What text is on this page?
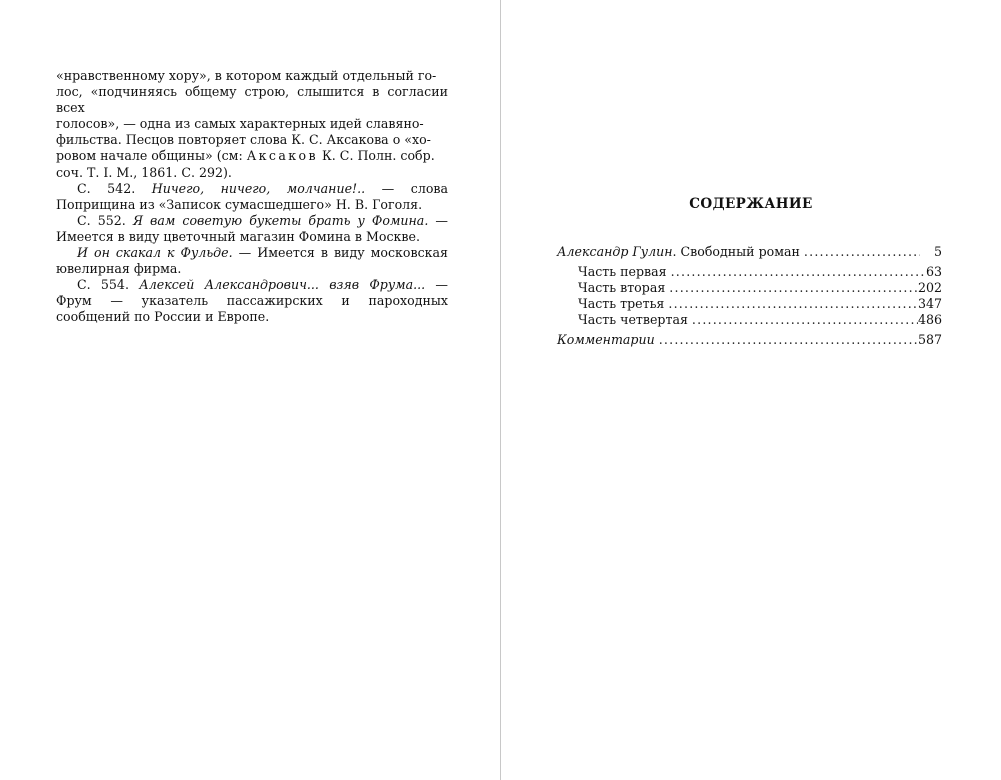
«нравственному хору», в котором каждый отдельный го-
лос, «подчиняясь общему строю, слышится в согласии всех
голосов», — одна из самых характерных идей славяно-
фильства. Песцов повторяет слова К. С. Аксакова о «хо-
ровом начале общины» (см: Аксаков К. С. Полн. собр.
соч. Т. I. М., 1861. С. 292).

С. 542. Ничего, ничего, молчание!.. — слова Поприщина из «Записок сумасшедшего» Н. В. Гоголя.

С. 552. Я вам советую букеты брать у Фомина. — Имеется в виду цветочный магазин Фомина в Москве.

И он скакал к Фульде. — Имеется в виду московская ювелирная фирма.

С. 554. Алексей Александрович... взяв Фрума... — Фрум — указатель пассажирских и пароходных сообщений по России и Европе.

СОДЕРЖАНИЕ
Александр Гулин. Свободный роман .....	5
Часть первая .....	63
Часть вторая .....	202
Часть третья .....	347
Часть четвертая .....	486
Комментарии .....	587
